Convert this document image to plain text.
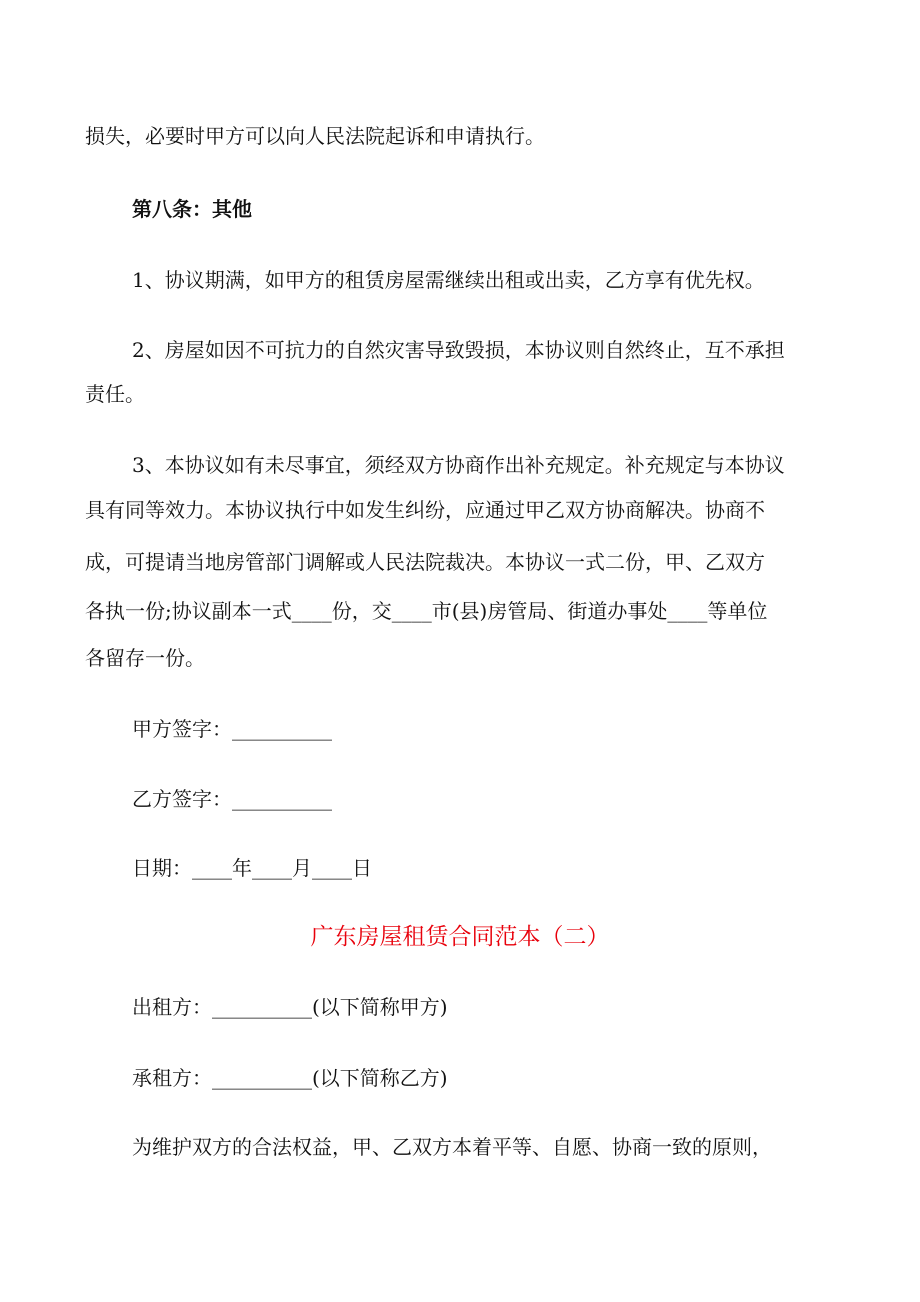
损失，必要时甲方可以向人民法院起诉和申请执行。
第八条：其他
1、协议期满，如甲方的租赁房屋需继续出租或出卖，乙方享有优先权。
2、房屋如因不可抗力的自然灾害导致毁损，本协议则自然终止，互不承担
责任。
3、本协议如有未尽事宜，须经双方协商作出补充规定。补充规定与本协议
具有同等效力。本协议执行中如发生纠纷，应通过甲乙双方协商解决。协商不
成，可提请当地房管部门调解或人民法院裁决。本协议一式二份，甲、乙双方
各执一份;协议副本一式____份，交____市(县)房管局、街道办事处____等单位
各留存一份。
甲方签字：__________
乙方签字：__________
日期：____年____月____日
广东房屋租赁合同范本（二）
出租方：__________(以下简称甲方)
承租方：__________(以下简称乙方)
为维护双方的合法权益，甲、乙双方本着平等、自愿、协商一致的原则，
